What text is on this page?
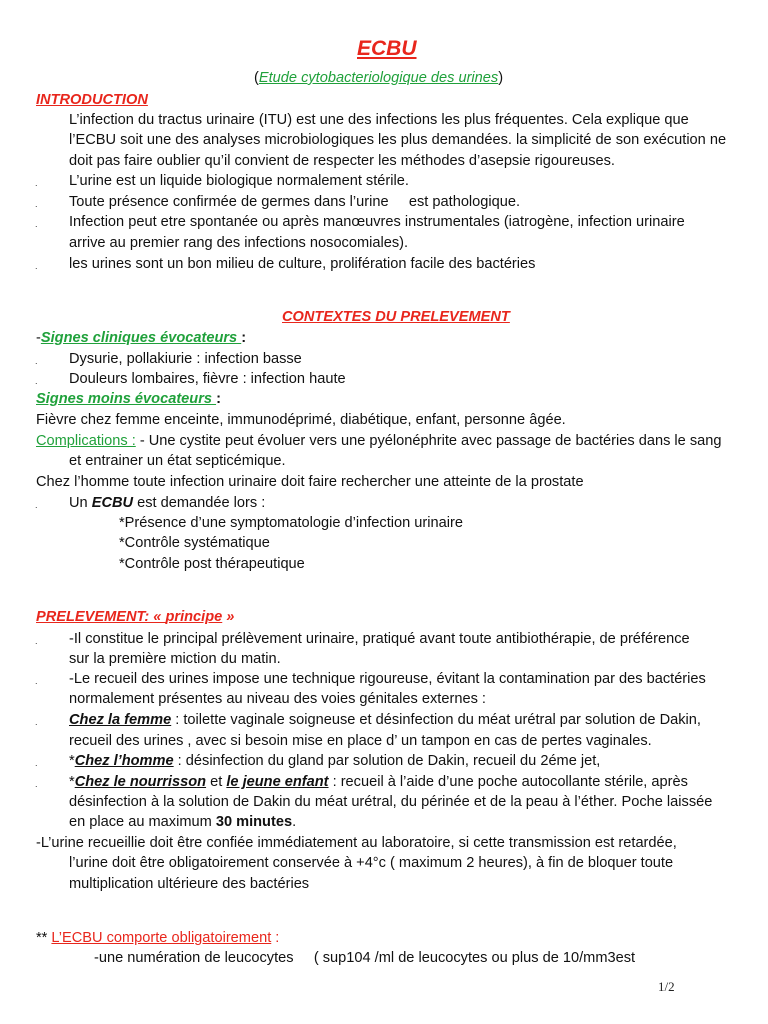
ECBU
(Etude cytobacteriologique des urines)
INTRODUCTION
L’infection du tractus urinaire (ITU) est une des infections les plus fréquentes. Cela explique que
l’ECBU soit une des analyses microbiologiques les plus demandées. la simplicité de son exécution ne
doit pas faire oublier qu’il convient de respecter les méthodes d’asepsie rigoureuses.
. L’urine est un liquide biologique normalement stérile.
. Toute présence confirmée de germes dans l’urine     est pathologique.
. Infection peut etre spontanée ou après manœuvres instrumentales (iatrogène, infection urinaire
arrive au premier rang des infections nosocomiales).
. les urines sont un bon milieu de culture, prolifération facile des bactéries
CONTEXTES DU PRELEVEMENT
-Signes cliniques évocateurs :
. Dysurie, pollakiurie : infection basse
. Douleurs lombaires, fièvre : infection haute
Signes moins évocateurs :
Fièvre chez femme enceinte, immunodéprimé, diabétique, enfant, personne âgée.
Complications : - Une cystite peut évoluer vers une pyélonéphrite avec passage de bactéries dans le sang
et entrainer un état septicémique.
Chez l’homme toute infection urinaire doit faire rechercher une atteinte de la prostate
. Un ECBU est demandée lors :
*Présence d’une symptomatologie d’infection urinaire
*Contrôle systématique
*Contrôle post thérapeutique
PRELEVEMENT: « principe »
. -Il constitue le principal prélèvement urinaire, pratiqué avant toute antibiothérapie, de préférence
sur la première miction du matin.
. -Le recueil des urines impose une technique rigoureuse, évitant la contamination par des bactéries
normalement présentes au niveau des voies génitales externes :
. Chez la femme : toilette vaginale soigneuse et désinfection du méat urétral par solution de Dakin,
recueil des urines , avec si besoin mise en place d’ un tampon en cas de pertes vaginales.
. *Chez l’homme : désinfection du gland par solution de Dakin, recueil du 2éme jet,
. *Chez le nourrisson et le jeune enfant : recueil à l’aide d’une poche autocollante stérile, après
désinfection à la solution de Dakin du méat urétral, du périnée et de la peau à l’éther. Poche laissée
en place au maximum 30 minutes.
-L’urine recueillie doit être confiée immédiatement au laboratoire, si cette transmission est retardée,
l’urine doit être obligatoirement conservée à +4°c ( maximum 2 heures), à fin de bloquer toute
multiplication ultérieure des bactéries
** L’ECBU comporte obligatoirement :
-une numération de leucocytes     ( sup104 /ml de leucocytes ou plus de 10/mm3est
1/2
